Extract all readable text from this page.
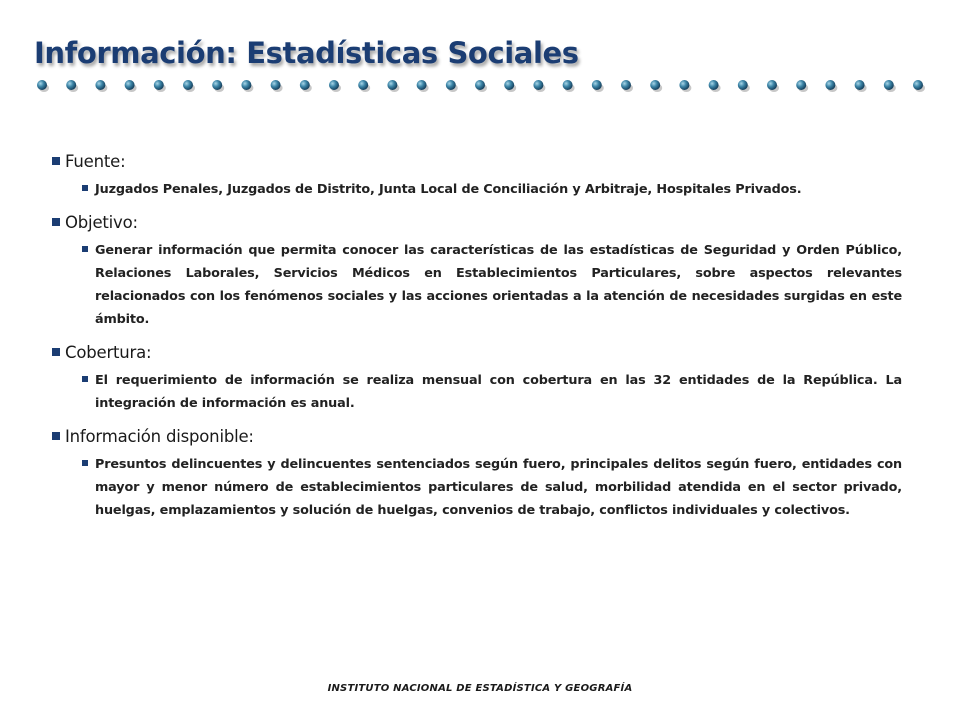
Información: Estadísticas Sociales
Fuente:
Juzgados Penales, Juzgados de Distrito, Junta Local de Conciliación y Arbitraje, Hospitales Privados.
Objetivo:
Generar información que permita conocer las características de las estadísticas de Seguridad y Orden Público, Relaciones Laborales, Servicios Médicos en Establecimientos Particulares, sobre aspectos relevantes relacionados con los fenómenos sociales y las acciones orientadas a la atención de necesidades surgidas en este ámbito.
Cobertura:
El requerimiento de información se realiza mensual con cobertura en las 32 entidades de la República. La integración de información es anual.
Información disponible:
Presuntos delincuentes y delincuentes sentenciados según fuero, principales delitos según fuero, entidades con mayor y menor número de establecimientos particulares de salud, morbilidad atendida en el sector privado, huelgas, emplazamientos y solución de huelgas, convenios de trabajo, conflictos individuales y colectivos.
INSTITUTO NACIONAL DE ESTADÍSTICA Y GEOGRAFÍA
